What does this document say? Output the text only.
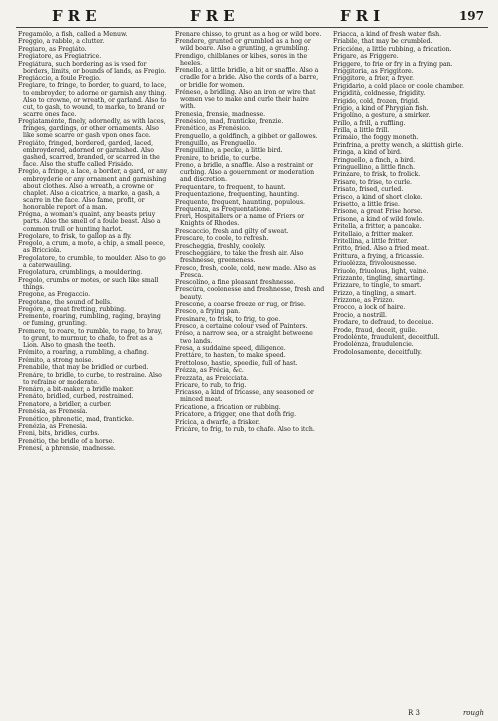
FRE	FRE	FRI	197
Fregamólo, a fish, called a Menuw.
Freggio, a rabble, a clutter.
Fregiaro, as Fregiáto.
Fregiatore, as Fregiatrice.
Fregiátura, such bordering as is vsed for borders, limits, or bounds of lands, as Fregio.
Fregiáccio, a foule Fregio.
Fregiare, to fringe, to border, to guard, to lace, to embroyder, to adorne or garnish any thing. Also to crowne, or wreath, or garland. Also to cut, to gash, to wound, to marke, to brand or scarre ones face.
Fregiataménte, finely, adornedly, as with laces, fringes, gardings, or other ornaments. Also like some scarre or gash vpon ones face.
Fregiáto, fringed, bordered, garded, laced, embroydered, adorned or garnished. Also gashed, scarred, branded, or scarred in the face. Also the stuffe called Frisádo.
Fregio, a fringe, a lace, a border, a gard, or any embroyderie or any ornament and garnishing about clothes. Also a wreath, a crowne or chaplet. Also a cicatrice, a marke, a gash, a scarre in the face. Also fame, profit, or honorable report of a man.
Frégna, a woman's quaint, any beasts priuy parts. Also the smell of a foule beast. Also a common trull or hunting harlot.
Fregolare, to frisk, to gallop as a fly.
Fregolo, a crum, a mote, a chip, a small peece, as Bricciola.
Fregolatore, to crumble, to moulder. Also to go a caterwauling.
Fregolatura, crumblings, a mouldering.
Fregolo, crumbs or motes, or such like small things.
Fregone, as Fregaccio.
Fregotane, the sound of bells.
Fregóre, a great fretting, rubbing.
Fremente, roaring, rumbling, raging, braying or fuming, grunting.
Fremere, to roare, to rumble, to rage, to bray, to grunt, to murmur, to chafe, to fret as a Lion. Also to gnash the teeth.
Frémito, a roaring, a rumbling, a chafing.
Frémito, a strong noise.
Frenabile, that may be bridled or curbed.
Frenáre, to bridle, to curbe, to restraine. Also to refraine or moderate.
Frenáro, a bit-maker, a bridle maker.
Frenáto, bridled, curbed, restrained.
Frenatore, a bridler, a curber.
Frenésia, as Frenesía.
Frenético, phrenetic, mad, franticke.
Frenézia, as Frenesia.
Freni, bits, bridles, curbs.
Frenétio, the bridle of a horse.
Frenesí, a phrensie, madnesse.
Frenare chisso, to grunt as a hog or wild bore.
Frendere, grunted or grumbled as a hog or wild boare. Also a grunting, a grumbling.
Frendigo, chilblanes or kibes, sores in the heeles.
Frenello, a little bridle, a bit or snaffle. Also a cradle for a bride. Also the cords of a barre, or bridle for women.
Fréneso, a bridling. Also an iron or wire that women vse to make and curle their haire with.
Frenesia, frensie, madnesse.
Frenésico, mad, franticke, frenzie.
Frenético, as Frenésico.
Frenguello, a goldfinch, a gibbet or gallowes.
Frenguillo, as Frenguello.
Frenguillino, a pecke, a little bird.
Frenire, to bridle, to curbe.
Freno, a bridle, a snaffle. Also a restraint or curbing. Also a gouernment or moderation and discretion.
Frequentare, to frequent, to haunt.
Frequentazione, frequenting, haunting.
Frequente, frequent, haunting, populous.
Frequenza, as Frequentatione.
Freri, Hospitallers or a name of Friers or Knights of Rhodes.
Frescaccio, fresh and gilty of sweat.
Frescare, to coole, to refresh.
Frescheggia, freshly, coolely.
Frescheggiáre, to take the fresh air. Also freshnesse, greeneness.
Fresco, fresh, coole, cold, new made. Also as Fresca.
Frescolíno, a fine pleasant freshnesse.
Frescúra, coolenesse and freshnesse, fresh and beauty.
Frescone, a coarse freeze or rug, or frise.
Fresco, a frying pan.
Fresinare, to frisk, to frig, to goe.
Fresco, a certaine colour vsed of Painters.
Fréso, a narrow sea, or a straight betweene two lands.
Fresa, a suddaine speed, diligence.
Frettáre, to hasten, to make speed.
Frettoloso, hastie, speedie, full of hast.
Frézza, as Frécia, &c.
Frezzata, as Freicciata.
Fricare, to rub, to frig.
Fricasso, a kind of fricasse, any seasoned or minced meat.
Fricatione, a frication or rubbing.
Fricatore, a frigger, one that doth frig.
Frícica, a dwarfe, a frisker.
Fricáre, to frig, to rub, to chafe. Also to itch.
Friacca, a kind of fresh water fish.
Friabile, that may be crumbled.
Friccióne, a little rubbing, a frication.
Frigare, as Friggere.
Friggere, to frie or fry in a frying pan.
Friggitoria, as Friggitore.
Friggitore, a frier, a fryer.
Frigidario, a cold place or coole chamber.
Frigidità, coldnesse, frigidity.
Frigido, cold, frozen, frigid.
Frigio, a kind of Phrygian fish.
Frigolíno, a gesture, a smirker.
Frillo, a frill, a ruffling.
Frilla, a little frill.
Frimáio, the foggy moneth.
Frinfrina, a pretty wench, a skittish girle.
Fringa, a kind of bird.
Fringuello, a finch, a bird.
Fringuellino, a little finch.
Frinzare, to frisk, to frolick.
Frisare, to frise, to curle.
Frisato, frised, curled.
Frisco, a kind of short cloke.
Frisetto, a little frise.
Frisone, a great Frise horse.
Frisone, a kind of wild fowle.
Fritella, a fritter, a pancake.
Fritellaio, a fritter maker.
Fritellina, a little fritter.
Fritto, fried. Also a fried meat.
Frittura, a frying, a fricassie.
Friuolézza, frivolousnesse.
Friuolo, friuolous, light, vaine.
Frizzante, tingling, smarting.
Frizzare, to tingle, to smart.
Frizzo, a tingling, a smart.
Frizzone, as Frizzo.
Frocco, a lock of haire.
Frocio, a nostrill.
Frodare, to defraud, to deceiue.
Frode, fraud, deceit, guile.
Frodolénte, fraudulent, deceitfull.
Frodolénza, fraudulencie.
Frodolosamente, deceitfully.
R 3	rough
